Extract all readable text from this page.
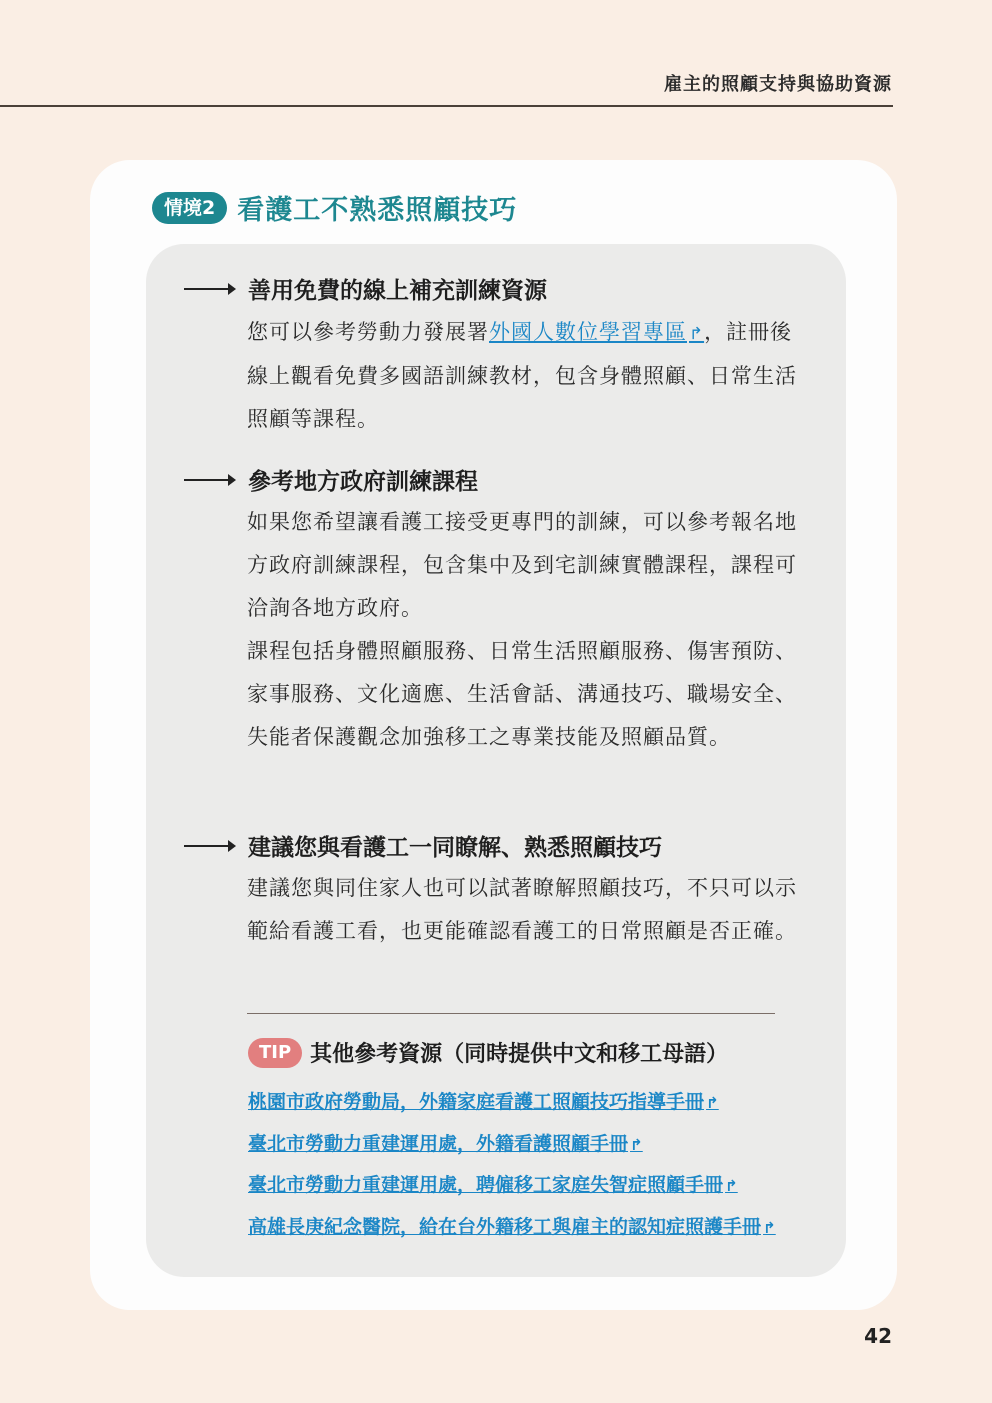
雇主的照顧支持與協助資源
情境2 看護工不熟悉照顧技巧
善用免費的線上補充訓練資源

您可以參考勞動力發展署外國人數位學習專區 ↱，註冊後線上觀看免費多國語訓練教材，包含身體照顧、日常生活照顧等課程。

參考地方政府訓練課程

如果您希望讓看護工接受更專門的訓練，可以參考報名地方政府訓練課程，包含集中及到宅訓練實體課程，課程可洽詢各地方政府。

課程包括身體照顧服務、日常生活照顧服務、傷害預防、家事服務、文化適應、生活會話、溝通技巧、職場安全、失能者保護觀念加強移工之專業技能及照顧品質。

建議您與看護工一同瞭解、熟悉照顧技巧

建議您與同住家人也可以試著瞭解照顧技巧，不只可以示範給看護工看，也更能確認看護工的日常照顧是否正確。

TIP 其他參考資源（同時提供中文和移工母語）
桃園市政府勞動局，外籍家庭看護工照顧技巧指導手冊 ↱
臺北市勞動力重建運用處，外籍看護照顧手冊 ↱
臺北市勞動力重建運用處，聘僱移工家庭失智症照顧手冊 ↱
高雄長庚紀念醫院，給在台外籍移工與雇主的認知症照護手冊 ↱
42
